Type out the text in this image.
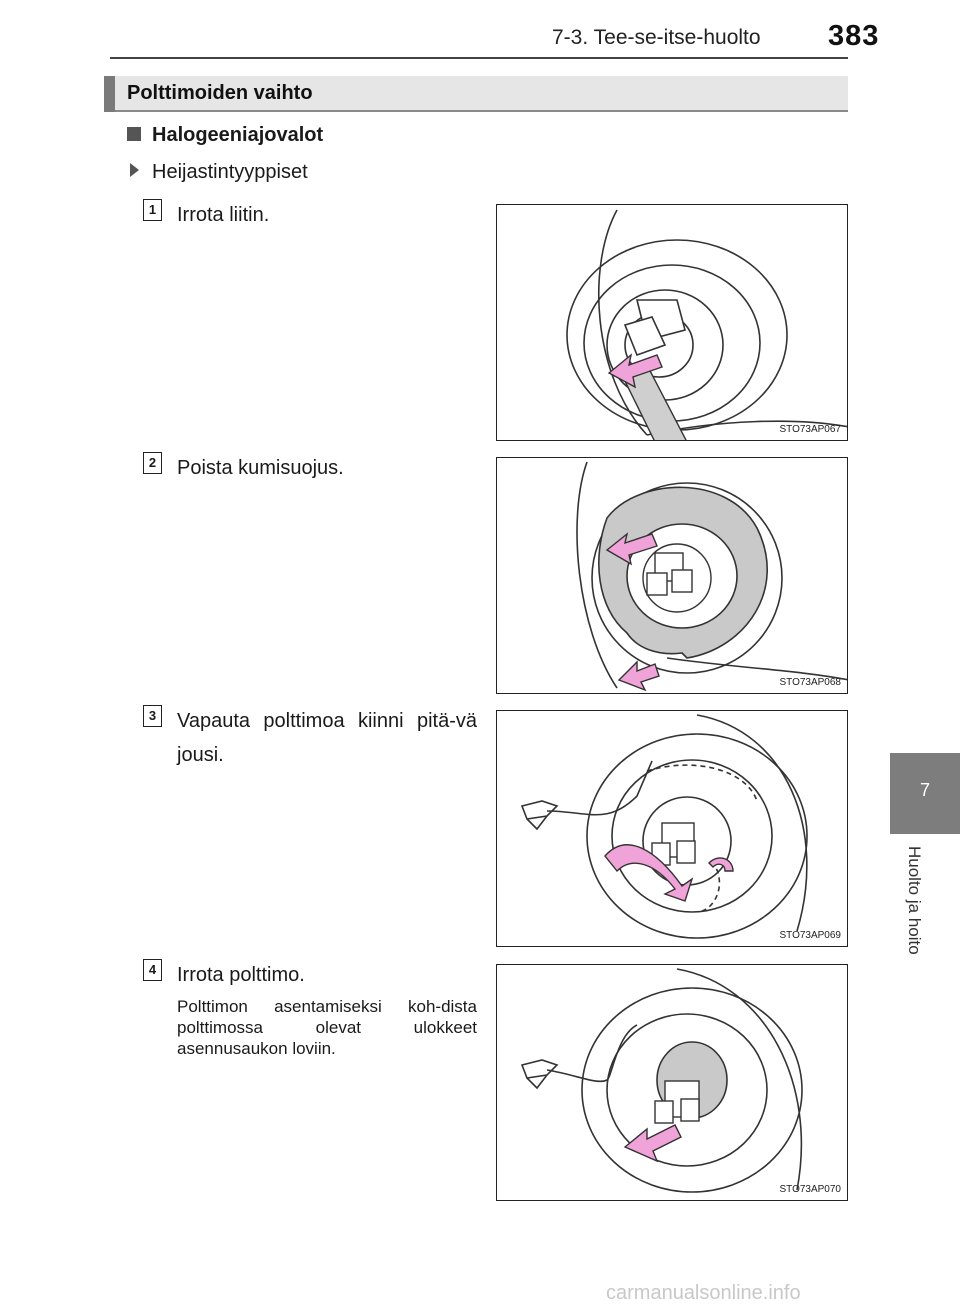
7-3. Tee-se-itse-huolto 383
Polttimoiden vaihto
Halogeeniajovalot
Heijastintyyppiset
1 Irrota liitin.
STO73AP067
2 Poista kumisuojus.
STO73AP068
3 Vapauta polttimoa kiinni pitä-vä jousi.
STO73AP069
4 Irrota polttimo.
Polttimon asentamiseksi koh-dista polttimossa olevat ulokkeet asennusaukon loviin.
STO73AP070
7
Huolto ja hoito
carmanualsonline.info
